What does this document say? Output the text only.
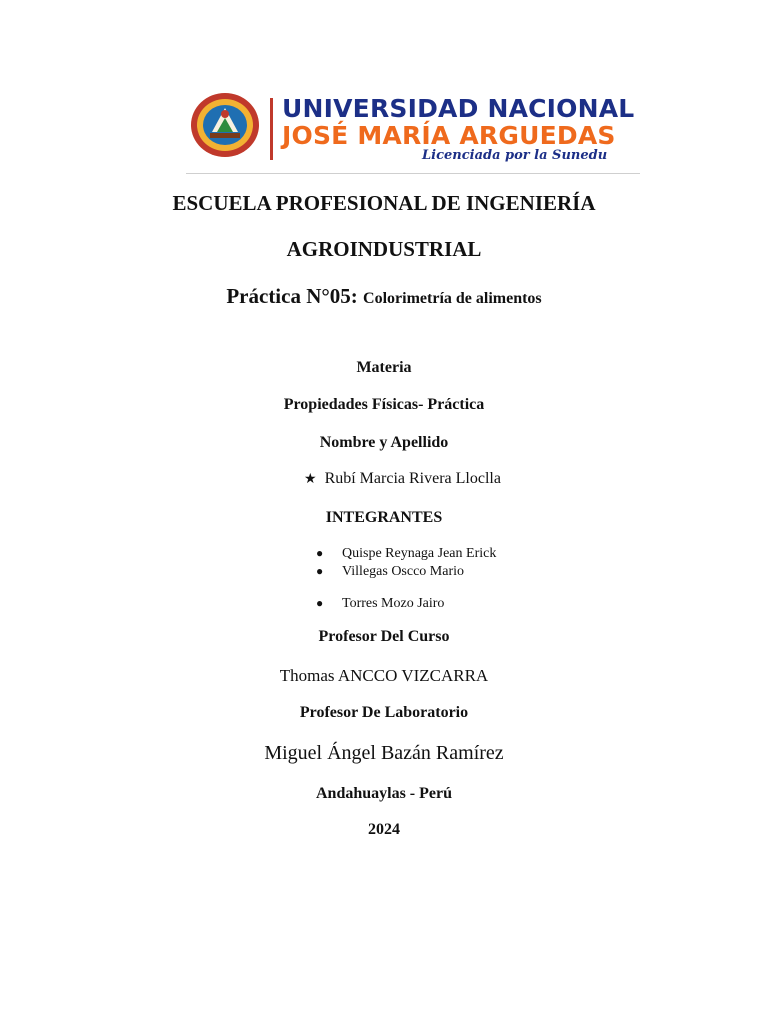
UNIVERSIDAD NACIONAL
JOSÉ MARÍA ARGUEDAS
Licenciada por la Sunedu
ESCUELA PROFESIONAL DE INGENIERÍA
AGROINDUSTRIAL
Práctica N°05: Colorimetría de alimentos
Materia
Propiedades Físicas- Práctica
Nombre y Apellido
★ Rubí Marcia Rivera Lloclla
INTEGRANTES
● Quispe Reynaga Jean Erick
● Villegas Oscco Mario
● Torres Mozo Jairo
Profesor Del Curso
Thomas ANCCO VIZCARRA
Profesor De Laboratorio
Miguel Ángel Bazán Ramírez
Andahuaylas - Perú
2024
